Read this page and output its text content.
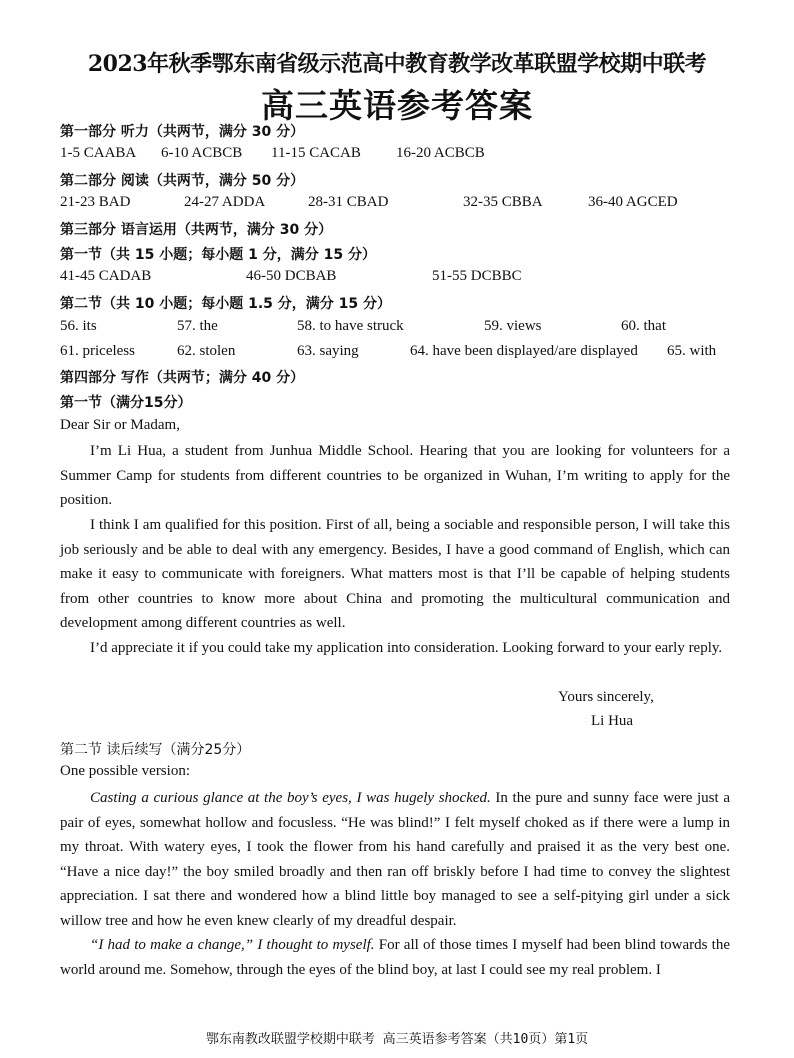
2023年秋季鄂东南省级示范高中教育教学改革联盟学校期中联考
高三英语参考答案
第一部分 听力（共两节，满分 30 分）
1-5 CAABA 6-10 ACBCB 11-15 CACAB 16-20 ACBCB
第二部分 阅读（共两节，满分 50 分）
21-23 BAD	24-27 ADDA	28-31 CBAD	32-35 CBBA	36-40 AGCED
第三部分 语言运用（共两节，满分 30 分）
第一节（共 15 小题；每小题 1 分，满分 15 分）
41-45 CADAB	46-50 DCBAB	51-55 DCBBC
第二节（共 10 小题；每小题 1.5 分，满分 15 分）
56. its	57. the	58. to have struck	59. views	60. that
61. priceless	62. stolen	63. saying	64. have been displayed/are displayed 65. with
第四部分 写作（共两节；满分 40 分）
第一节（满分15分）
Dear Sir or Madam,

I’m Li Hua, a student from Junhua Middle School. Hearing that you are looking for volunteers for a Summer Camp for students from different countries to be organized in Wuhan, I’m writing to apply for the position.

I think I am qualified for this position. First of all, being a sociable and responsible person, I will take this job seriously and be able to deal with any emergency. Besides, I have a good command of English, which can make it easy to communicate with foreigners. What matters most is that I’ll be capable of helping students from other countries to know more about China and promoting the multicultural communication and development among different countries as well.

I’d appreciate it if you could take my application into consideration. Looking forward to your early reply.

Yours sincerely,
Li Hua
第二节 读后续写（满分25分）
One possible version:

Casting a curious glance at the boy’s eyes, I was hugely shocked. In the pure and sunny face were just a pair of eyes, somewhat hollow and focusless. “He was blind!” I felt myself choked as if there were a lump in my throat. With watery eyes, I took the flower from his hand carefully and praised it as the very best one. “Have a nice day!” the boy smiled broadly and then ran off briskly before I had time to convey the slightest appreciation. I sat there and wondered how a blind little boy managed to see a self-pitying girl under a sick willow tree and how he even knew clearly of my dreadful despair.

“I had to make a change,” I thought to myself. For all of those times I myself had been blind towards the world around me. Somehow, through the eyes of the blind boy, at last I could see my real problem. I

鄂东南教改联盟学校期中联考 高三英语参考答案（共10页）第1页
